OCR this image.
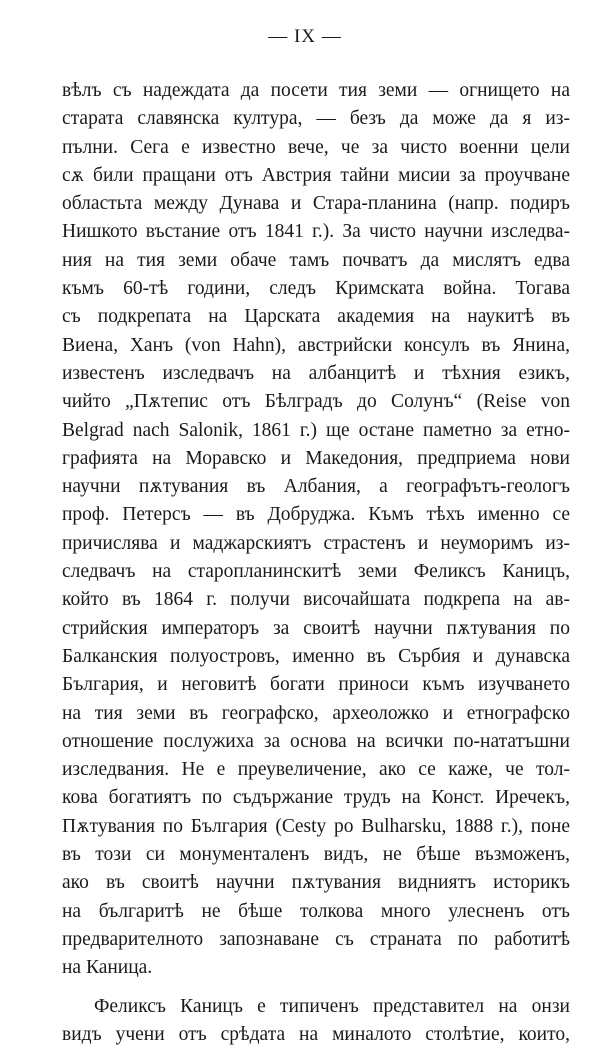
— IX —
вѣлъ съ надеждата да посети тия земи — огнището на
старата славянска култура, — безъ да може да я из-
пълни. Сега е известно вече, че за чисто военни цели
сѫ били пращани отъ Австрия тайни мисии за проучване
областьта между Дунава и Стара-планина (напр. подиръ
Нишкото въстание отъ 1841 г.). За чисто научни изследва-
ния на тия земи обаче тамъ почватъ да мислятъ едва
къмъ 60-тѣ години, следъ Кримската война. Тогава
съ подкрепата на Царската академия на наукитѣ въ
Виена, Ханъ (von Hahn), австрийски консулъ въ Янина,
известенъ изследвачъ на албанцитѣ и тѣхния езикъ,
чийто „Пѫтепис отъ Бѣлградъ до Солунъ“ (Reise von
Belgrad nach Salonik, 1861 г.) ще остане паметно за етно-
графията на Моравско и Македония, предприема нови
научни пѫтувания въ Албания, а географътъ-геологъ
проф. Петерсъ — въ Добруджа. Къмъ тѣхъ именно се
причислява и маджарскиятъ страстенъ и неуморимъ из-
следвачъ на старопланинскитѣ земи Феликсъ Каницъ,
който въ 1864 г. получи височайшата подкрепа на ав-
стрийския императоръ за своитѣ научни пѫтувания по
Балканския полуостровъ, именно въ Сърбия и дунавска
България, и неговитѣ богати приноси къмъ изучването
на тия земи въ географско, археоложко и етнографско
отношение послужиха за основа на всички по-нататъшни
изследвания. Не е преувеличение, ако се каже, че тол-
кова богатиятъ по съдържание трудъ на Конст. Иречекъ,
Пѫтувания по България (Cesty po Bulharsku, 1888 г.), поне
въ този си монументаленъ видъ, не бѣше възможенъ,
ако въ своитѣ научни пѫтувания видниятъ историкъ
на българитѣ не бѣше толкова много улесненъ отъ
предварителното запознаване съ страната по работитѣ
на Каница.
Феликсъ Каницъ е типиченъ представител на онзи
видъ учени отъ срѣдата на миналото столѣтие, които,
